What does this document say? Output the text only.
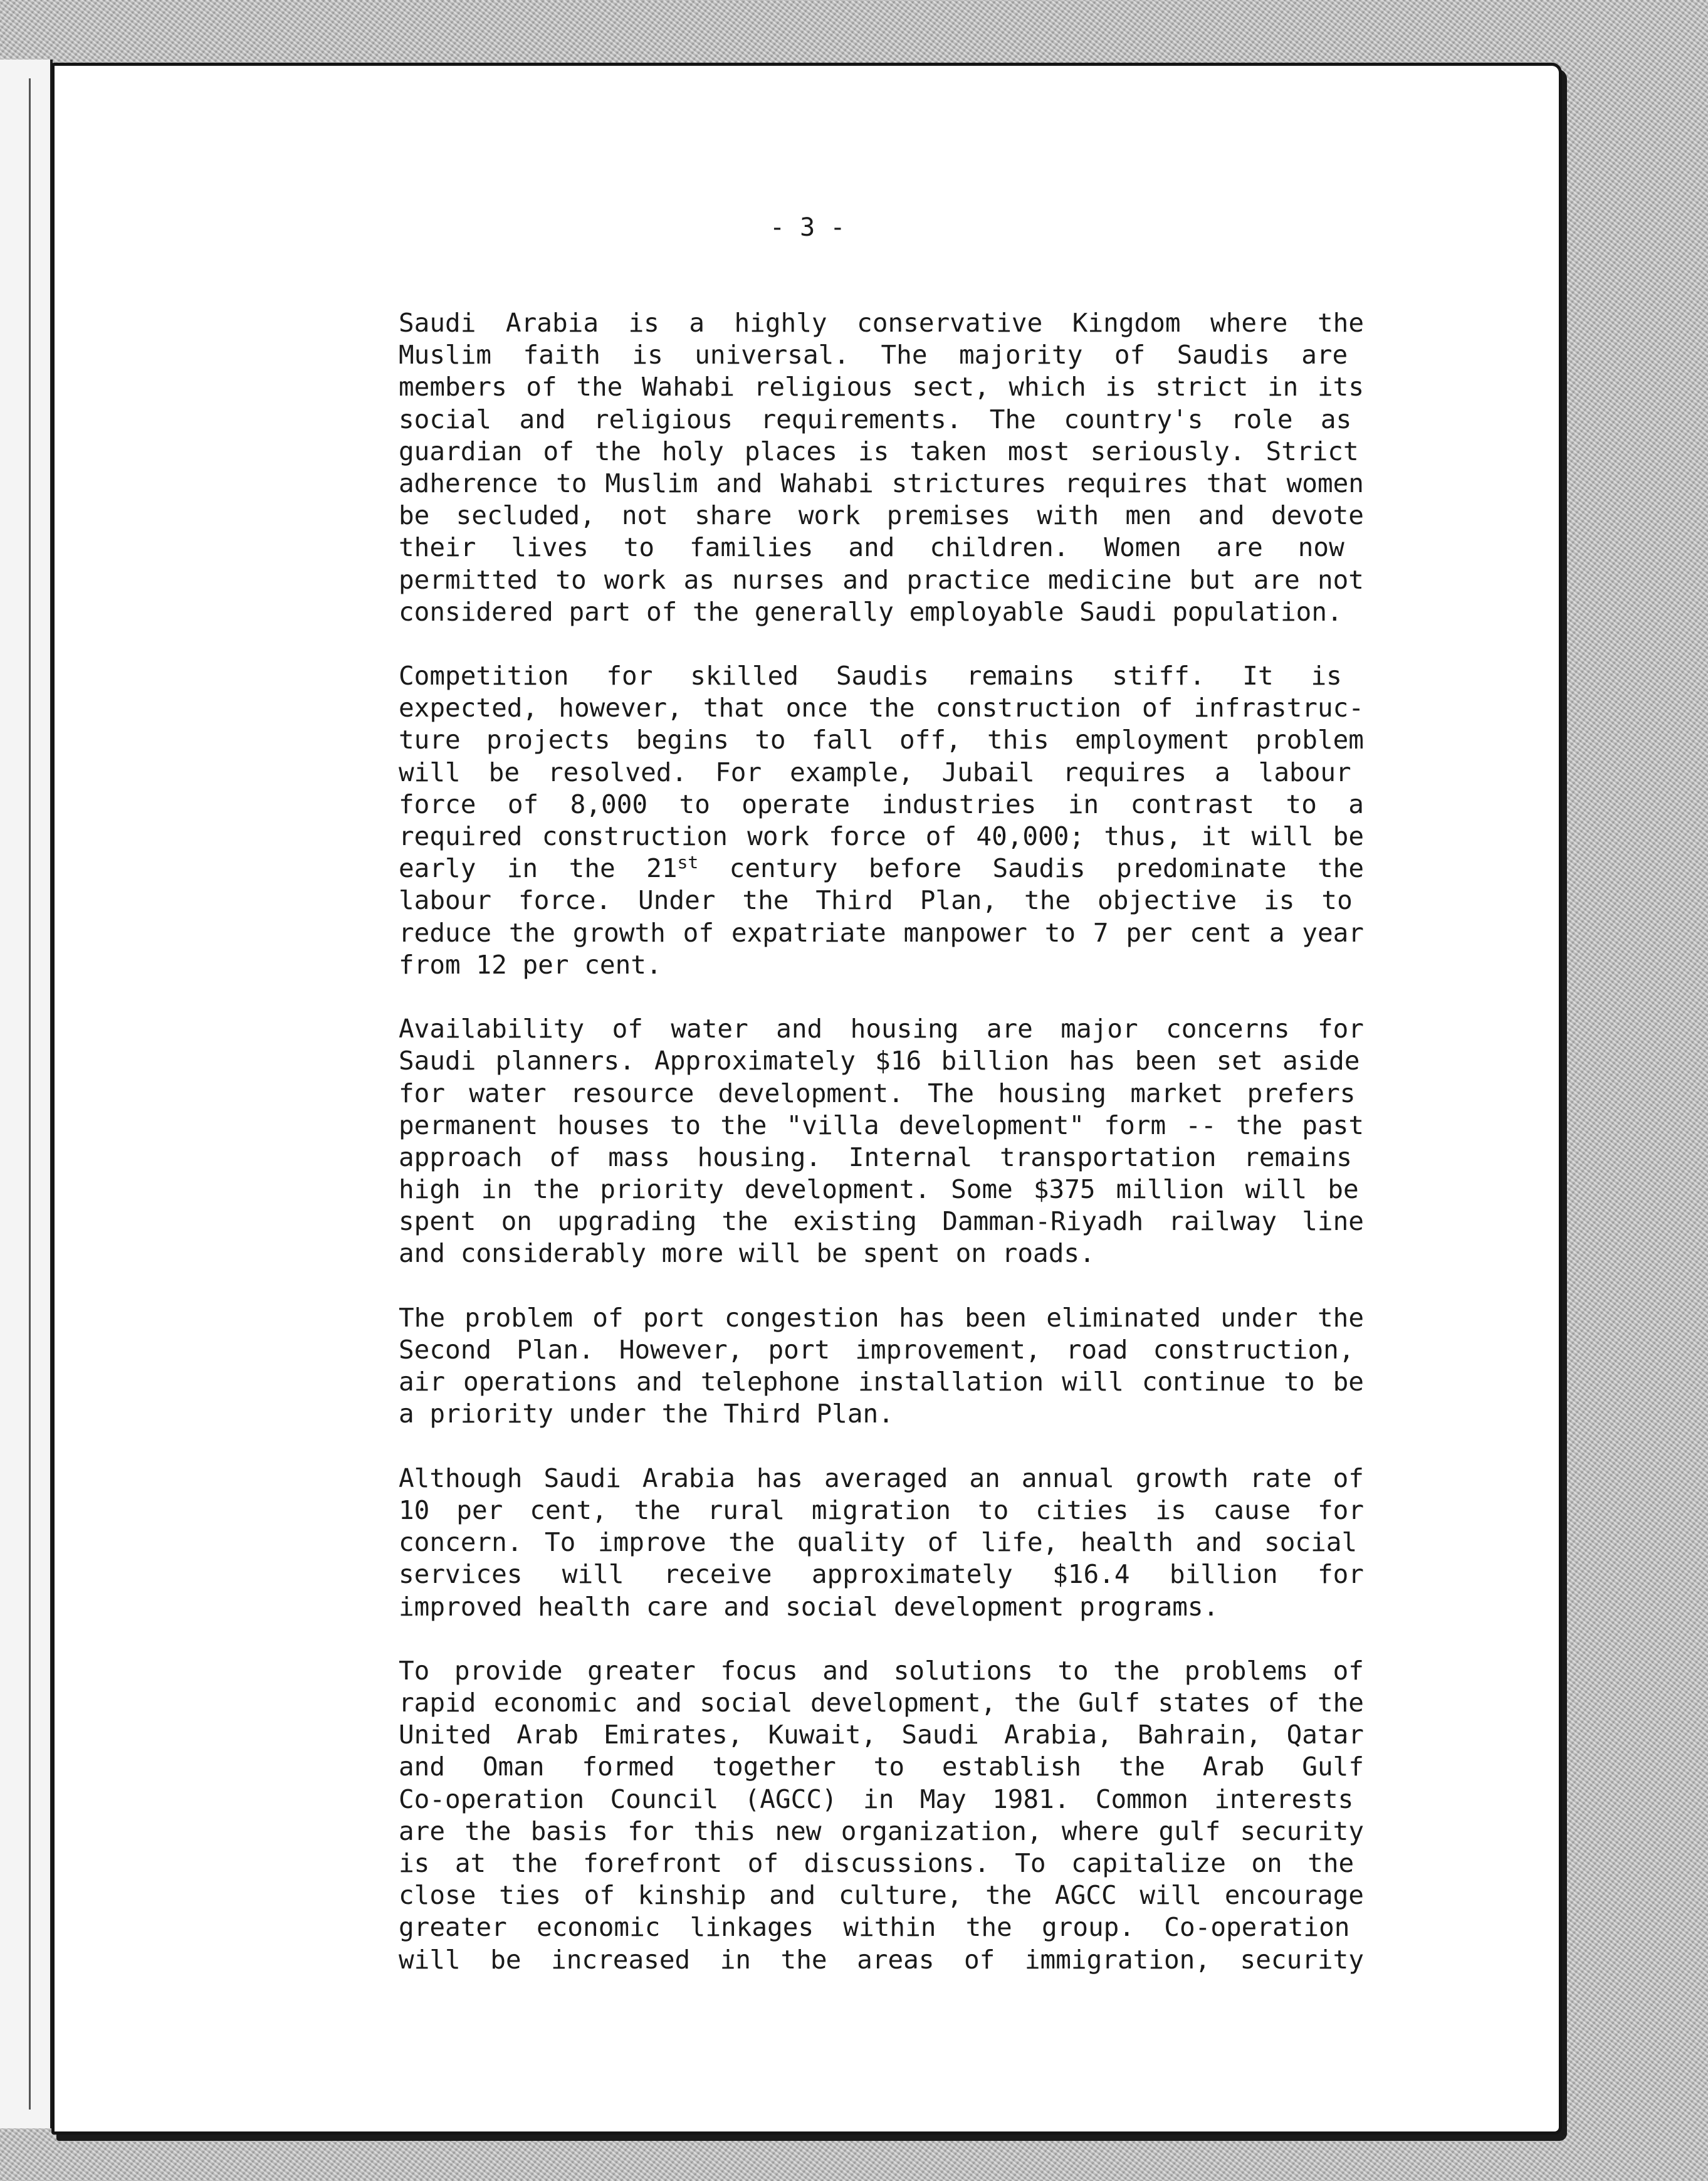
- 3 -
Saudi Arabia is a highly conservative Kingdom where the
Muslim faith is universal. The majority of Saudis are
members of the Wahabi religious sect, which is strict in its
social and religious requirements. The country's role as
guardian of the holy places is taken most seriously. Strict
adherence to Muslim and Wahabi strictures requires that women
be secluded, not share work premises with men and devote
their lives to families and children. Women are now
permitted to work as nurses and practice medicine but are not
considered part of the generally employable Saudi population.
Competition for skilled Saudis remains stiff. It is
expected, however, that once the construction of infrastruc-
ture projects begins to fall off, this employment problem
will be resolved. For example, Jubail requires a labour
force of 8,000 to operate industries in contrast to a
required construction work force of 40,000; thus, it will be
early in the 21st century before Saudis predominate the
labour force. Under the Third Plan, the objective is to
reduce the growth of expatriate manpower to 7 per cent a year
from 12 per cent.
Availability of water and housing are major concerns for
Saudi planners. Approximately $16 billion has been set aside
for water resource development. The housing market prefers
permanent houses to the "villa development" form -- the past
approach of mass housing. Internal transportation remains
high in the priority development. Some $375 million will be
spent on upgrading the existing Damman-Riyadh railway line
and considerably more will be spent on roads.
The problem of port congestion has been eliminated under the
Second Plan. However, port improvement, road construction,
air operations and telephone installation will continue to be
a priority under the Third Plan.
Although Saudi Arabia has averaged an annual growth rate of
10 per cent, the rural migration to cities is cause for
concern. To improve the quality of life, health and social
services will receive approximately $16.4 billion for
improved health care and social development programs.
To provide greater focus and solutions to the problems of
rapid economic and social development, the Gulf states of the
United Arab Emirates, Kuwait, Saudi Arabia, Bahrain, Qatar
and Oman formed together to establish the Arab Gulf
Co-operation Council (AGCC) in May 1981. Common interests
are the basis for this new organization, where gulf security
is at the forefront of discussions. To capitalize on the
close ties of kinship and culture, the AGCC will encourage
greater economic linkages within the group. Co-operation
will be increased in the areas of immigration, security
